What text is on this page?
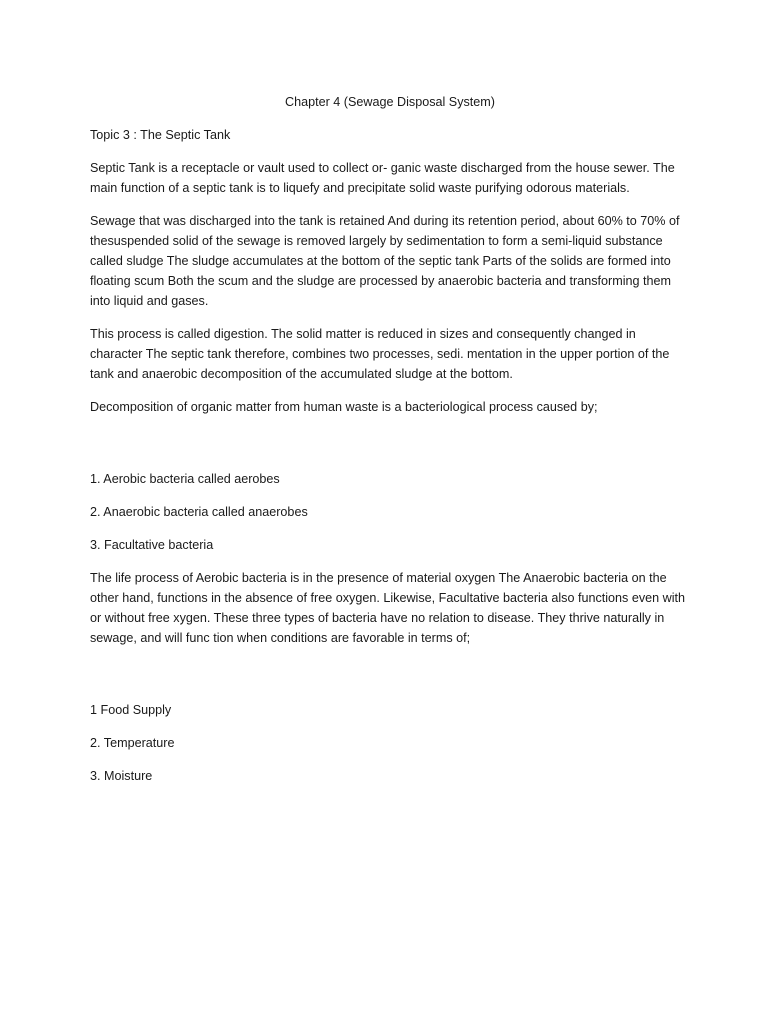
Chapter 4 (Sewage Disposal System)

Topic 3 : The Septic Tank

Septic Tank is a receptacle or vault used to collect or- ganic waste discharged from the house sewer. The main function of a septic tank is to liquefy and precipitate solid waste purifying odorous materials.

Sewage that was discharged into the tank is retained And during its retention period, about 60% to 70% of thesuspended solid of the sewage is removed largely by sedimentation to form a semi-liquid substance called sludge The sludge accumulates at the bottom of the septic tank Parts of the solids are formed into floating scum Both the scum and the sludge are processed by anaerobic bacteria and transforming them into liquid and gases.

This process is called digestion. The solid matter is reduced in sizes and consequently changed in character The septic tank therefore, combines two processes, sedi. mentation in the upper portion of the tank and anaerobic decomposition of the accumulated sludge at the bottom.

Decomposition of organic matter from human waste is a bacteriological process caused by;

1. Aerobic bacteria called aerobes

2. Anaerobic bacteria called anaerobes

3. Facultative bacteria

The life process of Aerobic bacteria is in the presence of material oxygen The Anaerobic bacteria on the other hand, functions in the absence of free oxygen. Likewise, Facultative bacteria also functions even with or without free xygen. These three types of bacteria have no relation to disease. They thrive naturally in sewage, and will func tion when conditions are favorable in terms of;

1 Food Supply

2. Temperature

3. Moisture
